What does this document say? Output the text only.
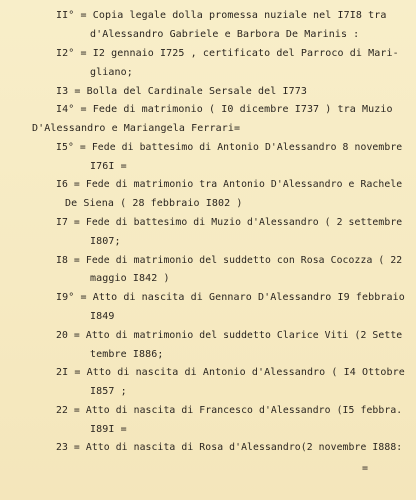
II° = Copia legale dolla promessa nuziale nel I7I8 tra
d'Alessandro Gabriele e Barbora De Marinis :
I2° = I2 gennaio I725 , certificato del Parroco di Mari-
gliano;
I3 = Bolla del Cardinale Sersale del I773
I4° = Fede di matrimonio ( I0 dicembre I737 ) tra Muzio
D'Alessandro e Mariangela Ferrari=
I5° = Fede di battesimo di Antonio D'Alessandro 8 novembre
I76I =
I6 = Fede di matrimonio tra Antonio D'Alessandro e Rachele
De Siena ( 28 febbraio I802 )
I7 = Fede di battesimo di Muzio d'Alessandro ( 2 settembre
I807;
I8 = Fede di matrimonio del suddetto con Rosa Cocozza ( 22
maggio I842 )
I9° = Atto di nascita di Gennaro D'Alessandro I9 febbraio
I849
20 = Atto di matrimonio del suddetto Clarice Viti (2 Sette
tembre I886;
2I = Atto di nascita di Antonio d'Alessandro ( I4 Ottobre
I857 ;
22 = Atto di nascita di Francesco d'Alessandro (I5 febbra.
I89I =
23 = Atto di nascita di Rosa d'Alessandro(2 novembre I888:
=
